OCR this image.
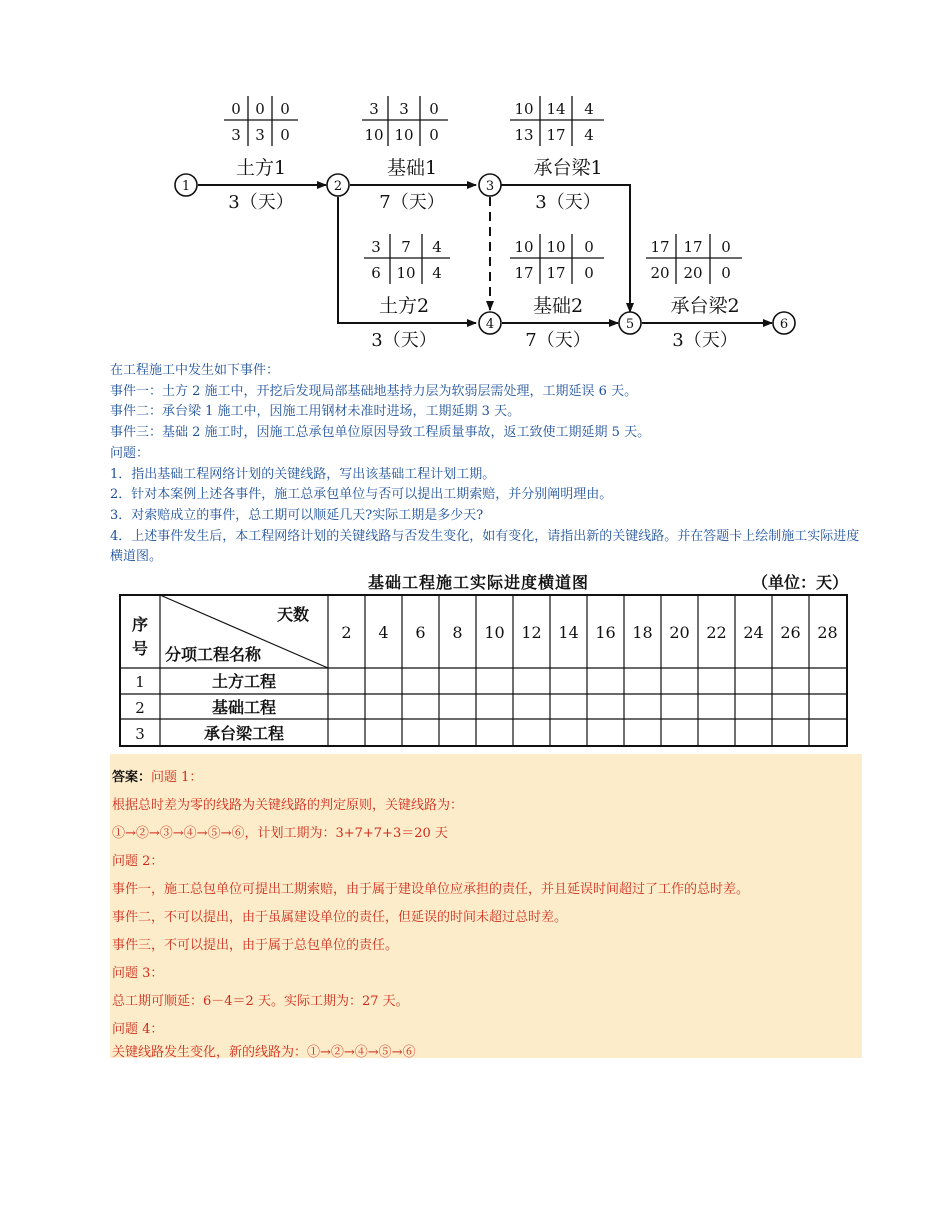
1	2	3
4	5	6
0 0 0
3 3 0
土方1
3（天）
3 3 0
10 10 0
基础1
7（天）
10 14 4
13 17 4
承台梁1
3（天）
3 7 4
6 10 4
土方2
3（天）
10 10 0
17 17 0
基础2
7（天）
17 17 0
20 20 0
承台梁2
3（天）
在工程施工中发生如下事件：
事件一：土方 2 施工中，开挖后发现局部基础地基持力层为软弱层需处理，工期延误 6 天。
事件二：承台梁 1 施工中，因施工用钢材未准时进场，工期延期 3 天。
事件三：基础 2 施工时，因施工总承包单位原因导致工程质量事故，返工致使工期延期 5 天。
问题：
1．指出基础工程网络计划的关键线路，写出该基础工程计划工期。
2．针对本案例上述各事件，施工总承包单位与否可以提出工期索赔，并分别阐明理由。
3．对索赔成立的事件，总工期可以顺延几天?实际工期是多少天?
4．上述事件发生后，本工程网络计划的关键线路与否发生变化，如有变化，请指出新的关键线路。并在答题卡上绘制施工实际进度横道图。
基础工程施工实际进度横道图	（单位：天）
序
号
天数
分项工程名称
2 4 6 8 10 12 14 16 18 20 22 24 26 28
1	土方工程
2	基础工程
3	承台梁工程
答案：问题 1：
根据总时差为零的线路为关键线路的判定原则，关键线路为：
①→②→③→④→⑤→⑥，计划工期为：3+7+7+3＝20 天
问题 2：
事件一，施工总包单位可提出工期索赔，由于属于建设单位应承担的责任，并且延误时间超过了工作的总时差。
事件二，不可以提出，由于虽属建设单位的责任，但延误的时间未超过总时差。
事件三，不可以提出，由于属于总包单位的责任。
问题 3：
总工期可顺延：6－4＝2 天。实际工期为：27 天。
问题 4：
关键线路发生变化，新的线路为：①→②→④→⑤→⑥
